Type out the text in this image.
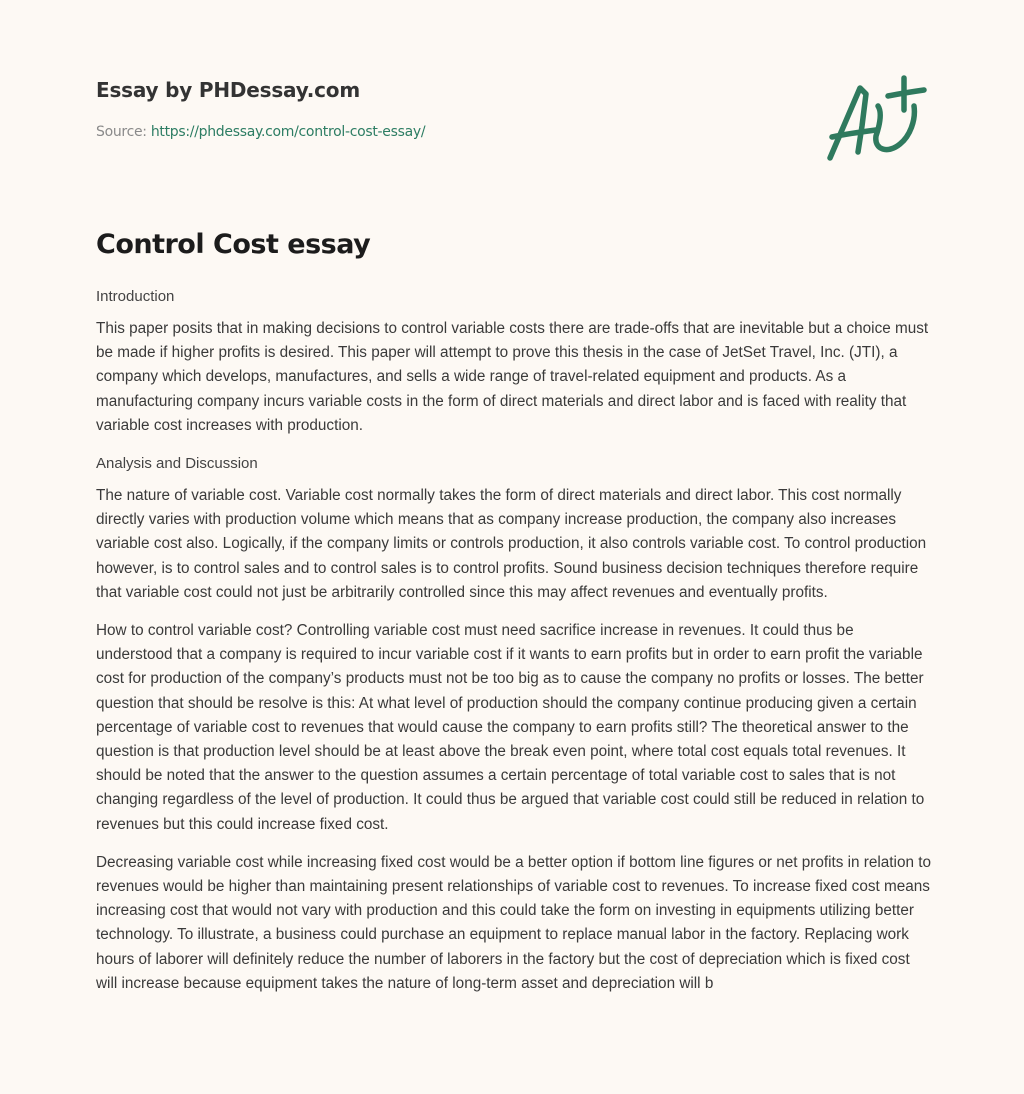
Essay by PHDessay.com
Source: https://phdessay.com/control-cost-essay/
Control Cost essay

Introduction

This paper posits that in making decisions to control variable costs there are trade-offs that are inevitable but a choice must be made if higher profits is desired. This paper will attempt to prove this thesis in the case of JetSet Travel, Inc. (JTI), a company which develops, manufactures, and sells a wide range of travel-related equipment and products. As a manufacturing company incurs variable costs in the form of direct materials and direct labor and is faced with reality that variable cost increases with production.

Analysis and Discussion

The nature of variable cost. Variable cost normally takes the form of direct materials and direct labor. This cost normally directly varies with production volume which means that as company increase production, the company also increases variable cost also. Logically, if the company limits or controls production, it also controls variable cost. To control production however, is to control sales and to control sales is to control profits. Sound business decision techniques therefore require that variable cost could not just be arbitrarily controlled since this may affect revenues and eventually profits.

How to control variable cost? Controlling variable cost must need sacrifice increase in revenues. It could thus be understood that a company is required to incur variable cost if it wants to earn profits but in order to earn profit the variable cost for production of the company’s products must not be too big as to cause the company no profits or losses. The better question that should be resolve is this: At what level of production should the company continue producing given a certain percentage of variable cost to revenues that would cause the company to earn profits still? The theoretical answer to the question is that production level should be at least above the break even point, where total cost equals total revenues. It should be noted that the answer to the question assumes a certain percentage of total variable cost to sales that is not changing regardless of the level of production. It could thus be argued that variable cost could still be reduced in relation to revenues but this could increase fixed cost.

Decreasing variable cost while increasing fixed cost would be a better option if bottom line figures or net profits in relation to revenues would be higher than maintaining present relationships of variable cost to revenues. To increase fixed cost means increasing cost that would not vary with production and this could take the form on investing in equipments utilizing better technology. To illustrate, a business could purchase an equipment to replace manual labor in the factory. Replacing work hours of laborer will definitely reduce the number of laborers in the factory but the cost of depreciation which is fixed cost will increase because equipment takes the nature of long-term asset and depreciation will b
